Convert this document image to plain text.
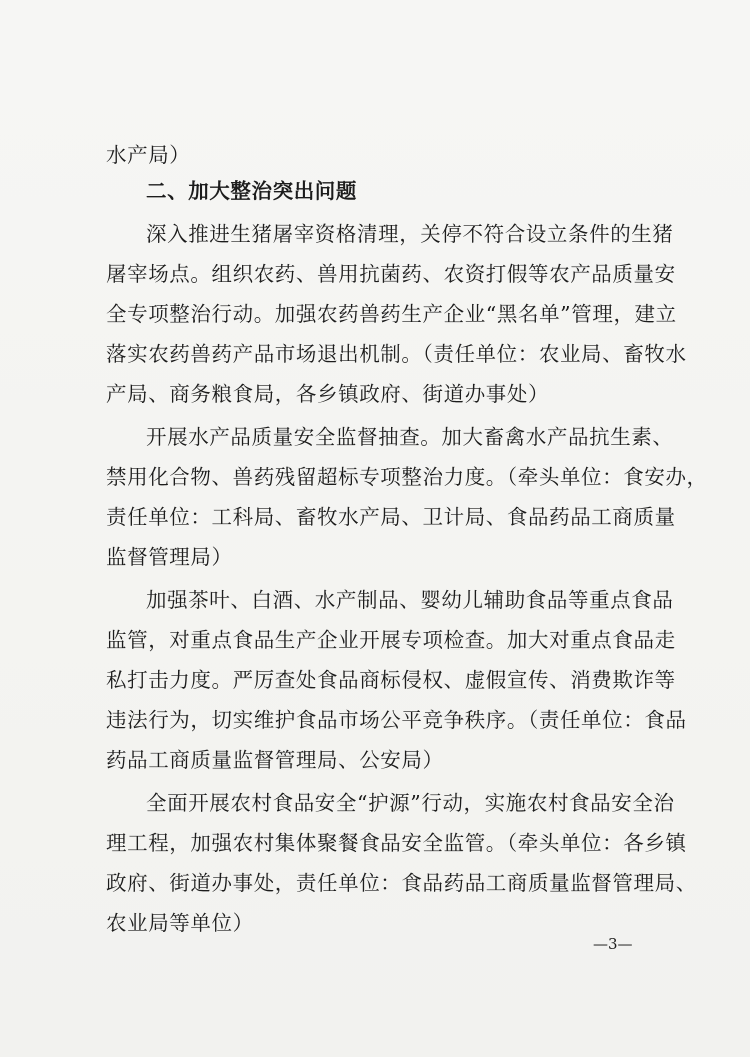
水产局）
二、加大整治突出问题
深入推进生猪屠宰资格清理，关停不符合设立条件的生猪
屠宰场点。组织农药、兽用抗菌药、农资打假等农产品质量安
全专项整治行动。加强农药兽药生产企业“黑名单”管理，建立
落实农药兽药产品市场退出机制。（责任单位：农业局、畜牧水
产局、商务粮食局，各乡镇政府、街道办事处）
开展水产品质量安全监督抽查。加大畜禽水产品抗生素、
禁用化合物、兽药残留超标专项整治力度。（牵头单位：食安办，
责任单位：工科局、畜牧水产局、卫计局、食品药品工商质量
监督管理局）
加强茶叶、白酒、水产制品、婴幼儿辅助食品等重点食品
监管，对重点食品生产企业开展专项检查。加大对重点食品走
私打击力度。严厉查处食品商标侵权、虚假宣传、消费欺诈等
违法行为，切实维护食品市场公平竞争秩序。（责任单位：食品
药品工商质量监督管理局、公安局）
全面开展农村食品安全“护源”行动，实施农村食品安全治
理工程，加强农村集体聚餐食品安全监管。（牵头单位：各乡镇
政府、街道办事处，责任单位：食品药品工商质量监督管理局、
农业局等单位）
—3—
